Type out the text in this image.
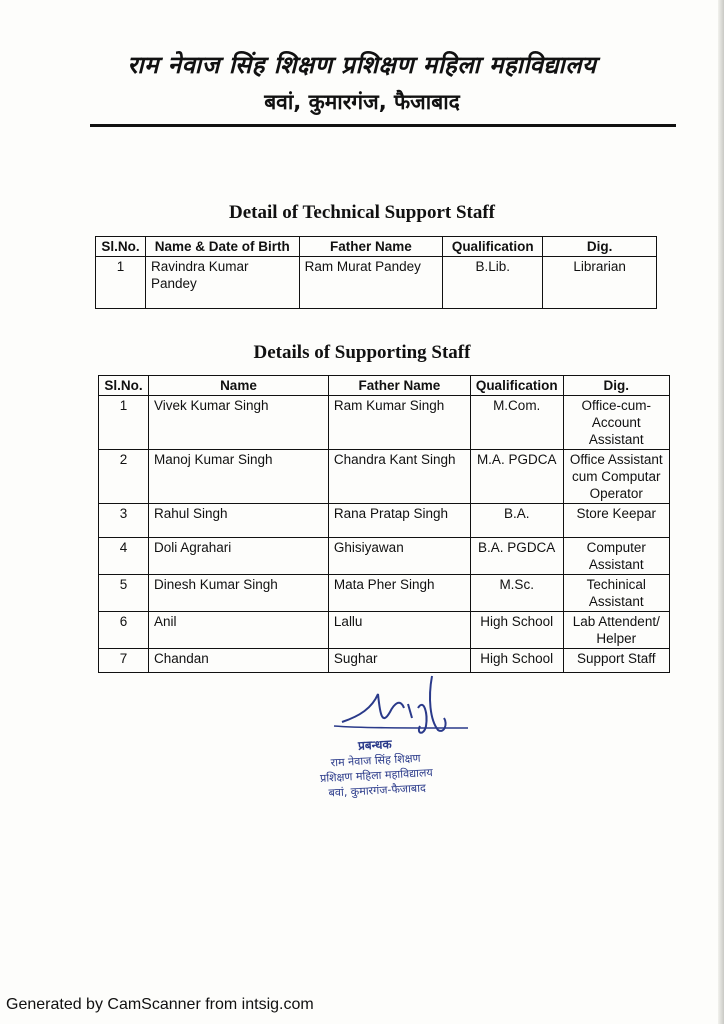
राम नेवाज सिंह शिक्षण प्रशिक्षण महिला महाविद्यालय
बवां, कुमारगंज, फैजाबाद
Detail of Technical Support Staff
Sl.No.	Name & Date of Birth	Father Name	Qualification	Dig.
1	Ravindra Kumar Pandey	Ram Murat Pandey	B.Lib.	Librarian
Details of Supporting Staff
Sl.No.	Name	Father Name	Qualification	Dig.
1	Vivek Kumar Singh	Ram Kumar Singh	M.Com.	Office-cum-Account Assistant
2	Manoj Kumar Singh	Chandra Kant Singh	M.A. PGDCA	Office Assistant cum Computar Operator
3	Rahul Singh	Rana Pratap Singh	B.A.	Store Keepar
4	Doli Agrahari	Ghisiyawan	B.A. PGDCA	Computer Assistant
5	Dinesh Kumar Singh	Mata Pher Singh	M.Sc.	Techinical Assistant
6	Anil	Lallu	High School	Lab Attendent/ Helper
7	Chandan	Sughar	High School	Support Staff
प्रबन्धक
राम नेवाज सिंह शिक्षण
प्रशिक्षण महिला महाविद्यालय
बवां, कुमारगंज-फैजाबाद
Generated by CamScanner from intsig.com
